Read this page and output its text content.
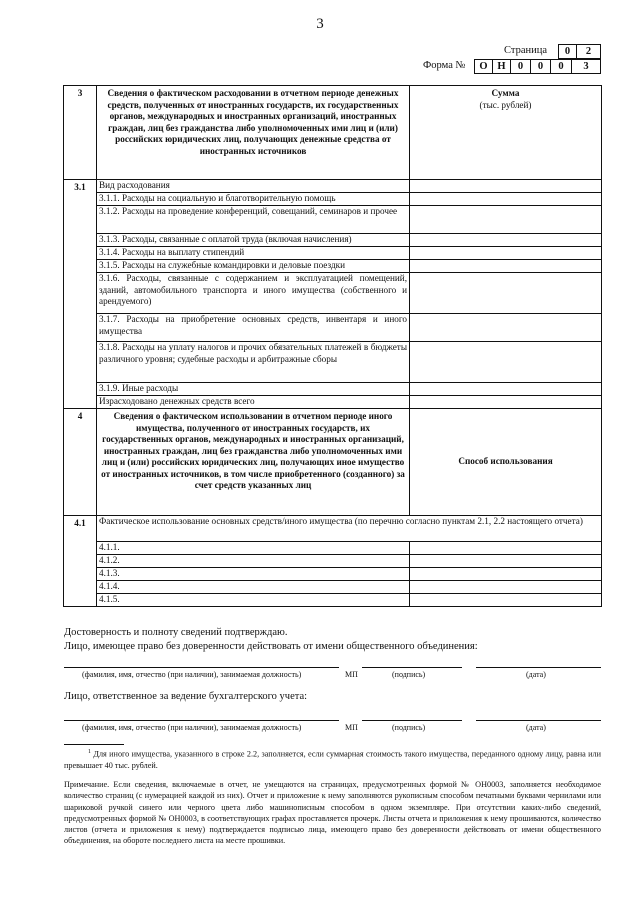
3
Страница	0	2
Форма №	О Н	0	0	0	3
3	Сведения о фактическом расходовании в отчетном периоде денежных средств, полученных от иностранных государств, их государственных органов, международных и иностранных организаций, иностранных граждан, лиц без гражданства либо уполномоченных ими лиц и (или) российских юридических лиц, получающих денежные средства от иностранных источников	Сумма
(тыс. рублей)

3.1	Вид расходования	
	3.1.1. Расходы на социальную и благотворительную помощь	
	3.1.2. Расходы на проведение конференций, совещаний, семинаров и прочее	
	3.1.3. Расходы, связанные с оплатой труда (включая начисления)	
	3.1.4. Расходы на выплату стипендий	
	3.1.5. Расходы на служебные командировки и деловые поездки	
	3.1.6. Расходы, связанные с содержанием и эксплуатацией помещений, зданий, автомобильного транспорта и иного имущества (собственного и арендуемого)	
	3.1.7. Расходы на приобретение основных средств, инвентаря и иного имущества	
	3.1.8. Расходы на уплату налогов и прочих обязательных платежей в бюджеты различного уровня; судебные расходы и арбитражные сборы	
	3.1.9. Иные расходы	
	Израсходовано денежных средств всего	
4	Сведения о фактическом использовании в отчетном периоде иного имущества, полученного от иностранных государств, их государственных органов, международных и иностранных организаций, иностранных граждан, лиц без гражданства либо уполномоченных ими лиц и (или) российских юридических лиц, получающих иное имущество от иностранных источников, в том числе приобретенного (созданного) за счет средств указанных лиц	Способ использования
4.1	Фактическое использование основных средств/иного имущества (по перечню согласно пунктам 2.1, 2.2 настоящего отчета)	
	4.1.1.	
	4.1.2.	
	4.1.3.	
	4.1.4.	
	4.1.5.	
Достоверность и полноту сведений подтверждаю.
Лицо, имеющее право без доверенности действовать от имени общественного объединения:
(фамилия, имя, отчество (при наличии), занимаемая должность)	МП	(подпись)	(дата)
Лицо, ответственное за ведение бухгалтерского учета:
(фамилия, имя, отчество (при наличии), занимаемая должность)	МП	(подпись)	(дата)
$^1$ Для иного имущества, указанного в строке 2.2, заполняется, если суммарная стоимость такого имущества, переданного одному лицу, равна или превышает 40 тыс. рублей.
Примечание. Если сведения, включаемые в отчет, не умещаются на страницах, предусмотренных формой № ОН0003, заполняется необходимое количество страниц (с нумерацией каждой из них). Отчет и приложение к нему заполняются рукописным способом печатными буквами чернилами или шариковой ручкой синего или черного цвета либо машинописным способом в одном экземпляре. При отсутствии каких-либо сведений, предусмотренных формой № ОН0003, в соответствующих графах проставляется прочерк. Листы отчета и приложения к нему прошиваются, количество листов (отчета и приложения к нему) подтверждается подписью лица, имеющего право без доверенности действовать от имени общественного объединения, на обороте последнего листа на месте прошивки.
